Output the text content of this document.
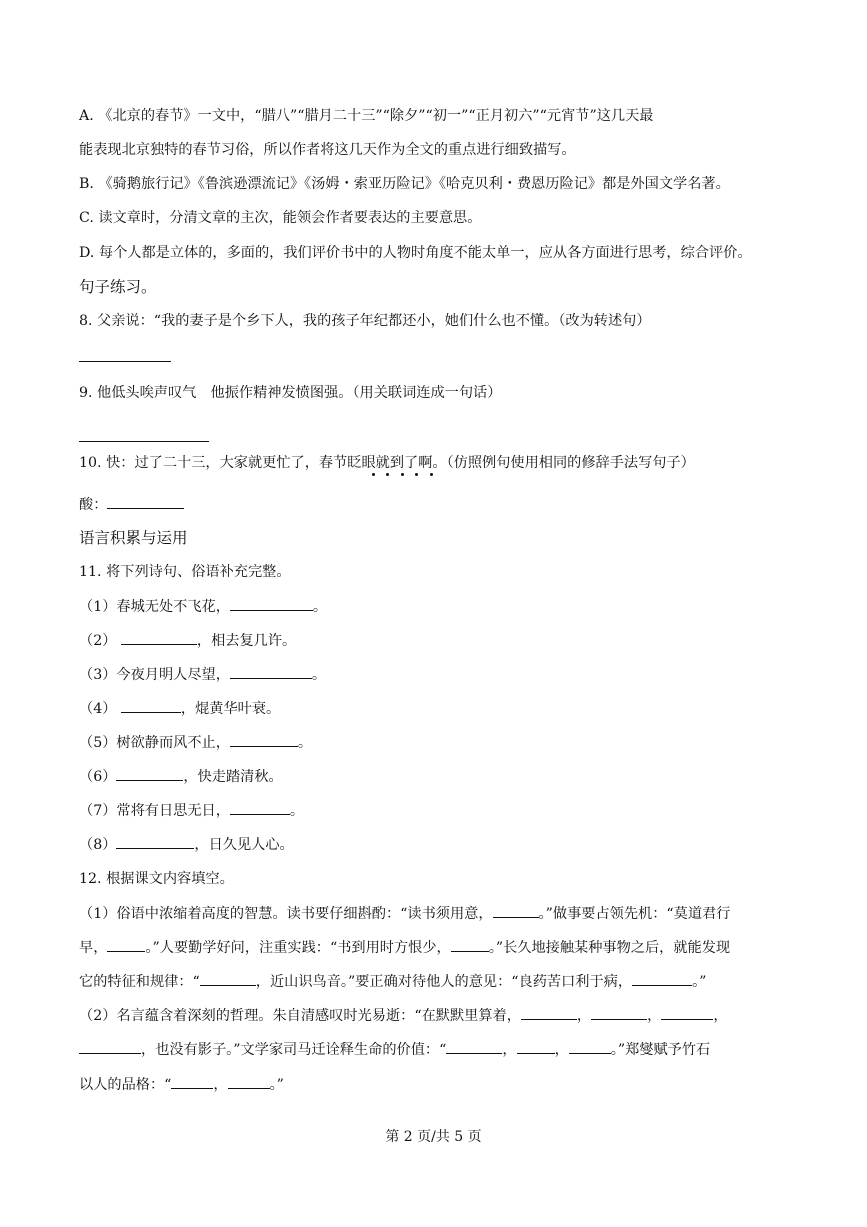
A. 《北京的春节》一文中，“腊八”“腊月二十三”“除夕”“初一”“正月初六”“元宵节”这几天最
能表现北京独特的春节习俗，所以作者将这几天作为全文的重点进行细致描写。
B. 《骑鹅旅行记》《鲁滨逊漂流记》《汤姆・索亚历险记》《哈克贝利・费恩历险记》都是外国文学名著。
C. 读文章时，分清文章的主次，能领会作者要表达的主要意思。
D. 每个人都是立体的，多面的，我们评价书中的人物时角度不能太单一，应从各方面进行思考，综合评价。
句子练习。
8. 父亲说：“我的妻子是个乡下人，我的孩子年纪都还小，她们什么也不懂。（改为转述句）
9. 他低头唉声叹气　他振作精神发愤图强。（用关联词连成一句话）
10. 快：过了二十三，大家就更忙了，春节眨眼就到了啊。（仿照例句使用相同的修辞手法写句子）
酸：
语言积累与运用
11. 将下列诗句、俗语补充完整。
（1）春城无处不飞花，	。
（2）	，相去复几许。
（3）今夜月明人尽望，	。
（4）	，焜黄华叶衰。
（5）树欲静而风不止，	。
（6）	，快走踏清秋。
（7）常将有日思无日，	。
（8）	，日久见人心。
12. 根据课文内容填空。
（1）俗语中浓缩着高度的智慧。读书要仔细斟酌：“读书须用意，	。”做事要占领先机：“莫道君行
早，	。”人要勤学好问，注重实践：“书到用时方恨少，	。”长久地接触某种事物之后，就能发现
它的特征和规律：“	，近山识鸟音。”要正确对待他人的意见：“良药苦口利于病，	。”
（2）名言蕴含着深刻的哲理。朱自清感叹时光易逝：“在默默里算着，	，	，	，
，也没有影子。”文学家司马迁诠释生命的价值：“	，	，	。”郑燮赋予竹石
以人的品格：“	，	。”
第 2 页/共 5 页
